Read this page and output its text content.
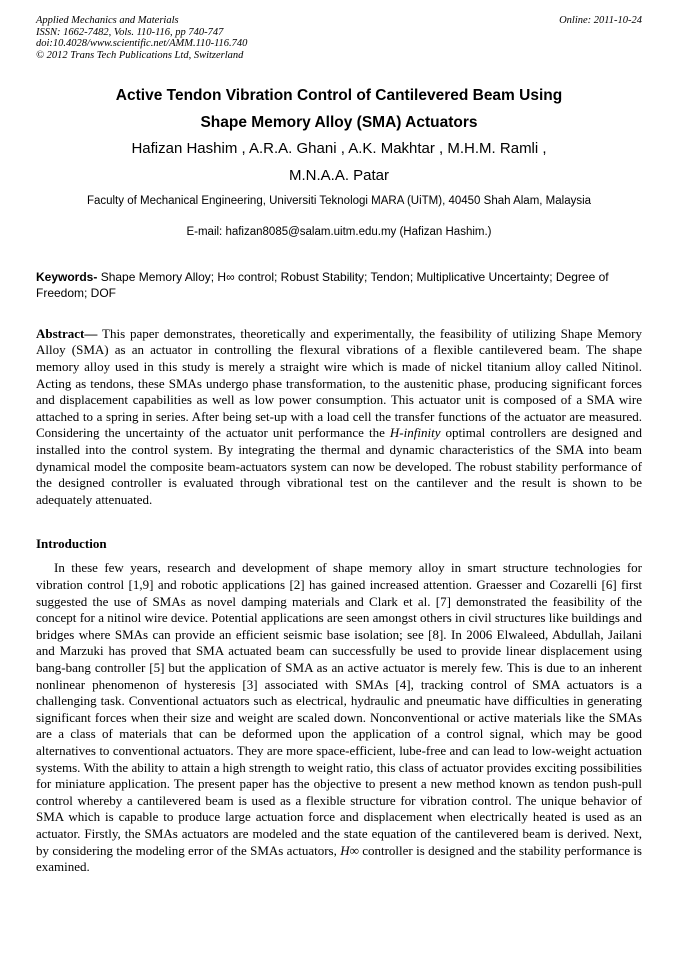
Applied Mechanics and Materials
ISSN: 1662-7482, Vols. 110-116, pp 740-747
doi:10.4028/www.scientific.net/AMM.110-116.740
© 2012 Trans Tech Publications Ltd, Switzerland
Online: 2011-10-24
Active Tendon Vibration Control of Cantilevered Beam Using
Shape Memory Alloy (SMA) Actuators
Hafizan Hashim , A.R.A. Ghani , A.K. Makhtar , M.H.M. Ramli ,
M.N.A.A. Patar
Faculty of Mechanical Engineering, Universiti Teknologi MARA (UiTM), 40450 Shah Alam, Malaysia
E-mail: hafizan8085@salam.uitm.edu.my (Hafizan Hashim.)

Keywords- Shape Memory Alloy; H∞ control; Robust Stability; Tendon; Multiplicative Uncertainty; Degree of Freedom; DOF

Abstract— This paper demonstrates, theoretically and experimentally, the feasibility of utilizing Shape Memory Alloy (SMA) as an actuator in controlling the flexural vibrations of a flexible cantilevered beam. The shape memory alloy used in this study is merely a straight wire which is made of nickel titanium alloy called Nitinol. Acting as tendons, these SMAs undergo phase transformation, to the austenitic phase, producing significant forces and displacement capabilities as well as low power consumption. This actuator unit is composed of a SMA wire attached to a spring in series. After being set-up with a load cell the transfer functions of the actuator are measured. Considering the uncertainty of the actuator unit performance the H-infinity optimal controllers are designed and installed into the control system. By integrating the thermal and dynamic characteristics of the SMA into beam dynamical model the composite beam-actuators system can now be developed. The robust stability performance of the designed controller is evaluated through vibrational test on the cantilever and the result is shown to be adequately attenuated.

Introduction

In these few years, research and development of shape memory alloy in smart structure technologies for vibration control [1,9] and robotic applications [2] has gained increased attention. Graesser and Cozarelli [6] first suggested the use of SMAs as novel damping materials and Clark et al. [7] demonstrated the feasibility of the concept for a nitinol wire device. Potential applications are seen amongst others in civil structures like buildings and bridges where SMAs can provide an efficient seismic base isolation; see [8]. In 2006 Elwaleed, Abdullah, Jailani and Marzuki has proved that SMA actuated beam can successfully be used to provide linear displacement using bang-bang controller [5] but the application of SMA as an active actuator is merely few. This is due to an inherent nonlinear phenomenon of hysteresis [3] associated with SMAs [4], tracking control of SMA actuators is a challenging task. Conventional actuators such as electrical, hydraulic and pneumatic have difficulties in generating significant forces when their size and weight are scaled down. Nonconventional or active materials like the SMAs are a class of materials that can be deformed upon the application of a control signal, which may be good alternatives to conventional actuators. They are more space-efficient, lube-free and can lead to low-weight actuation systems. With the ability to attain a high strength to weight ratio, this class of actuator provides exciting possibilities for miniature application. The present paper has the objective to present a new method known as tendon push-pull control whereby a cantilevered beam is used as a flexible structure for vibration control. The unique behavior of SMA which is capable to produce large actuation force and displacement when electrically heated is used as an actuator. Firstly, the SMAs actuators are modeled and the state equation of the cantilevered beam is derived. Next, by considering the modeling error of the SMAs actuators, H∞ controller is designed and the stability performance is examined.
